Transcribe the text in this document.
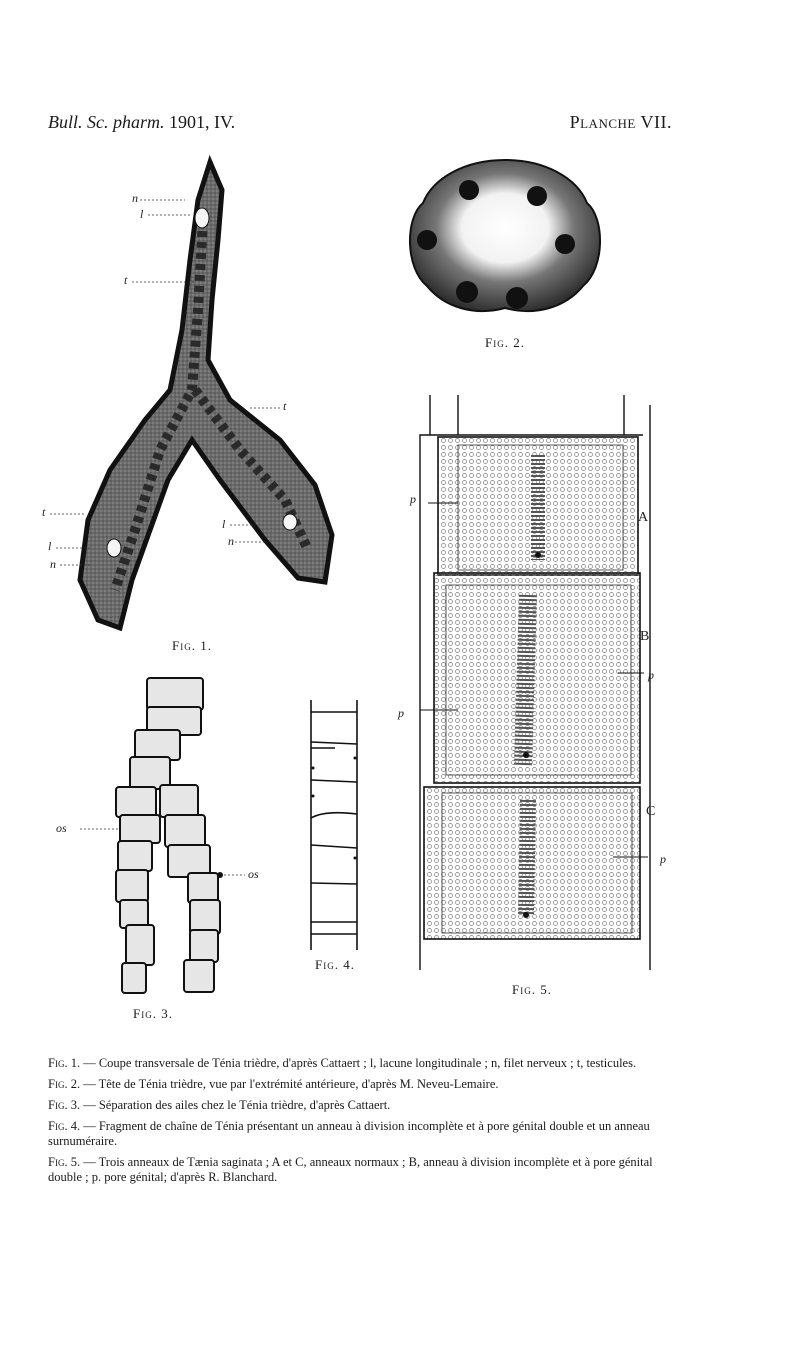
Bull. Sc. pharm. 1901, IV.	Planche VII.
n
l
t
t
t
l
n
l
n
Fig. 1.
Fig. 2.
os
os
Fig. 3.
Fig. 4.
A
B
C
p
p
p
p
Fig. 5.

Fig. 1. — Coupe transversale de Ténia trièdre, d'après Cattaert ; l, lacune longitudinale ; n, filet nerveux ; t, testicules.

Fig. 2. — Tête de Ténia trièdre, vue par l'extrémité antérieure, d'après M. Neveu-Lemaire.

Fig. 3. — Séparation des ailes chez le Ténia trièdre, d'après Cattaert.

Fig. 4. — Fragment de chaîne de Ténia présentant un anneau à division incomplète et à pore génital double et un anneau surnuméraire.

Fig. 5. — Trois anneaux de Tænia saginata ; A et C, anneaux normaux ; B, anneau à division incomplète et à pore génital double ; p. pore génital; d'après R. Blanchard.
